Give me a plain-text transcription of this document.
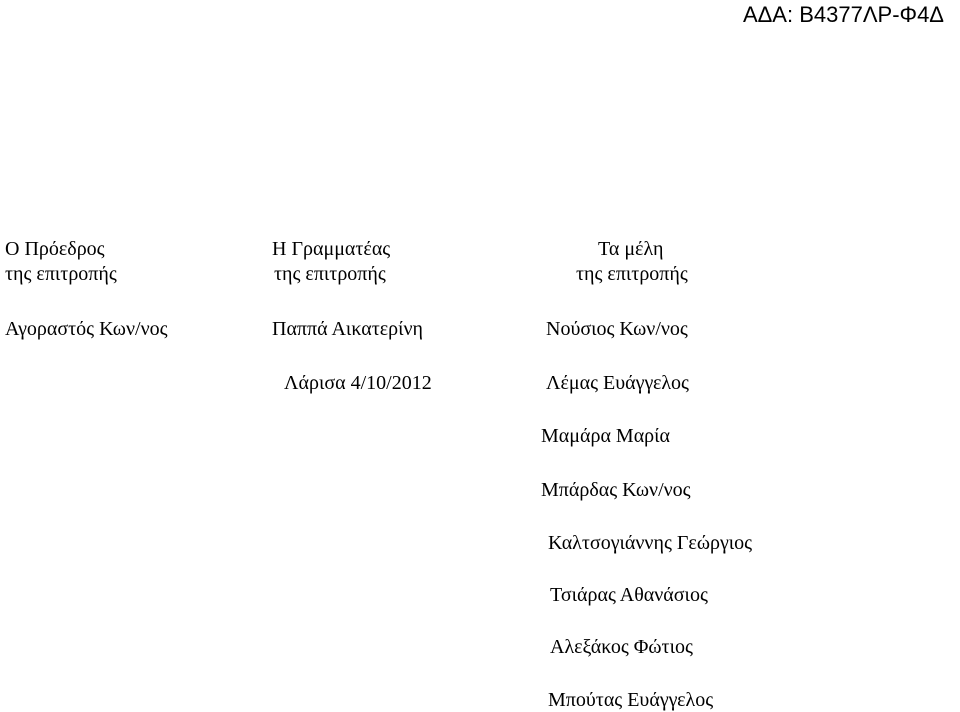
ΑΔΑ: Β4377ΛΡ-Φ4Δ
Ο Πρόεδρος
της επιτροπής
Αγοραστός Κων/νος
Η Γραμματέας
της επιτροπής
Παππά Αικατερίνη
Λάρισα 4/10/2012
Τα μέλη
της επιτροπής
Νούσιος Κων/νος
Λέμας Ευάγγελος
Μαμάρα Μαρία
Μπάρδας Κων/νος
Καλτσογιάννης Γεώργιος
Τσιάρας Αθανάσιος
Αλεξάκος Φώτιος
Μπούτας Ευάγγελος
